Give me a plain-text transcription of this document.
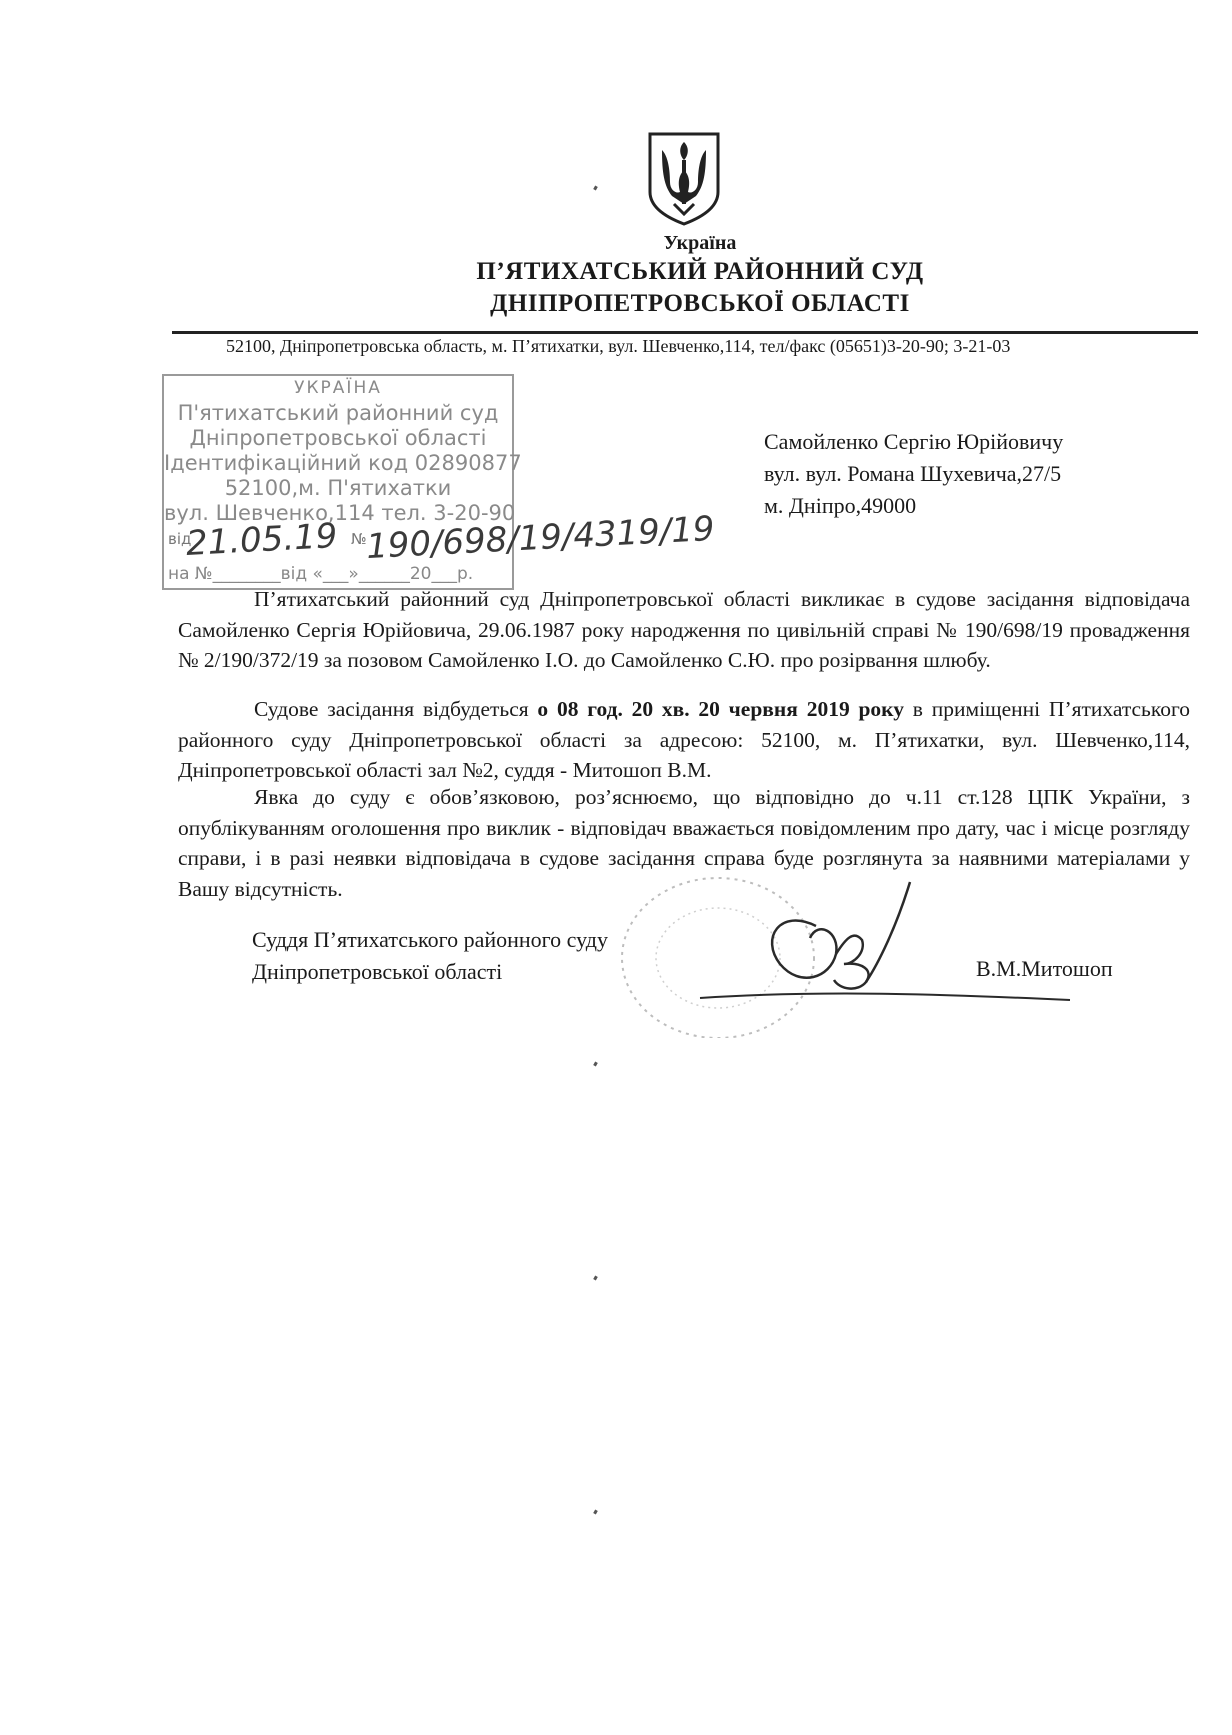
Україна
П’ЯТИХАТСЬКИЙ РАЙОННИЙ СУД
ДНІПРОПЕТРОВСЬКОЇ ОБЛАСТІ
52100, Дніпропетровська область, м. П’ятихатки, вул. Шевченко,114, тел/факс (05651)3-20-90; 3-21-03
УКРАЇНА
П'ятихатський районний суд
Дніпропетровської області
Ідентифікаційний код 02890877
52100,м. П'ятихатки
вул. Шевченко,114 тел. 3-20-90
від	№
на №________від «___»______20___р.
21.05.19 190/698/19/4319/19
Самойленко Сергію Юрійовичу
вул. вул. Романа Шухевича,27/5
м. Дніпро,49000
П’ятихатський районний суд Дніпропетровської області викликає в судове засідання відповідача Самойленко Сергія Юрійовича, 29.06.1987 року народження по цивільній справі № 190/698/19 провадження № 2/190/372/19 за позовом Самойленко І.О. до Самойленко С.Ю. про розірвання шлюбу.
Судове засідання відбудеться о 08 год. 20 хв. 20 червня 2019 року в приміщенні П’ятихатського районного суду Дніпропетровської області за адресою: 52100, м. П’ятихатки, вул. Шевченко,114, Дніпропетровської області зал №2, суддя - Митошоп В.М.
Явка до суду є обов’язковою, роз’яснюємо, що відповідно до ч.11 ст.128 ЦПК України, з опублікуванням оголошення про виклик - відповідач вважається повідомленим про дату, час і місце розгляду справи, і в разі неявки відповідача в судове засідання справа буде розглянута за наявними матеріалами у Вашу відсутність.
Суддя П’ятихатського районного суду
Дніпропетровської області	В.М.Митошоп
